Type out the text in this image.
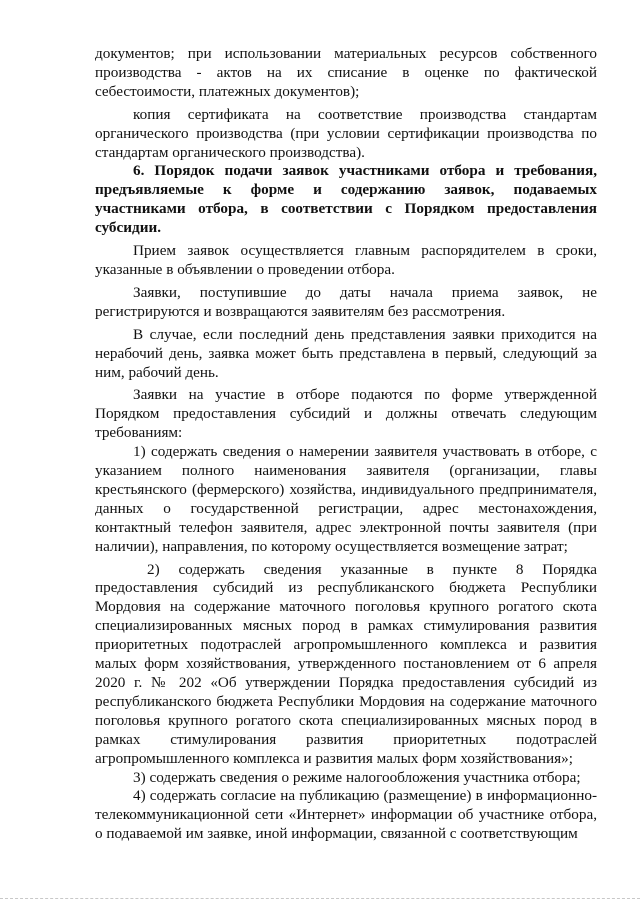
документов; при использовании материальных ресурсов собственного производства - актов на их списание в оценке по фактической себестоимости, платежных документов);

копия сертификата на соответствие производства стандартам органического производства (при условии сертификации производства по стандартам органического производства).

6. Порядок подачи заявок участниками отбора и требования, предъявляемые к форме и содержанию заявок, подаваемых участниками отбора, в соответствии с Порядком предоставления субсидии.

Прием заявок осуществляется главным распорядителем в сроки, указанные в объявлении о проведении отбора.

Заявки, поступившие до даты начала приема заявок, не регистрируются и возвращаются заявителям без рассмотрения.

В случае, если последний день представления заявки приходится на нерабочий день, заявка может быть представлена в первый, следующий за ним, рабочий день.

Заявки на участие в отборе подаются по форме утвержденной Порядком предоставления субсидий и должны отвечать следующим требованиям:

1) содержать сведения о намерении заявителя участвовать в отборе, с указанием полного наименования заявителя (организации, главы крестьянского (фермерского) хозяйства, индивидуального предпринимателя, данных о государственной регистрации, адрес местонахождения, контактный телефон заявителя, адрес электронной почты заявителя (при наличии), направления, по которому осуществляется возмещение затрат;

2) содержать сведения указанные в пункте 8 Порядка предоставления субсидий из республиканского бюджета Республики Мордовия на содержание маточного поголовья крупного рогатого скота специализированных мясных пород в рамках стимулирования развития приоритетных подотраслей агропромышленного комплекса и развития малых форм хозяйствования, утвержденного постановлением от 6 апреля 2020 г. № 202 «Об утверждении Порядка предоставления субсидий из республиканского бюджета Республики Мордовия на содержание маточного поголовья крупного рогатого скота специализированных мясных пород в рамках стимулирования развития приоритетных подотраслей агропромышленного комплекса и развития малых форм хозяйствования»;

3) содержать сведения о режиме налогообложения участника отбора;

4) содержать согласие на публикацию (размещение) в информационно-телекоммуникационной сети «Интернет» информации об участнике отбора, о подаваемой им заявке, иной информации, связанной с соответствующим
